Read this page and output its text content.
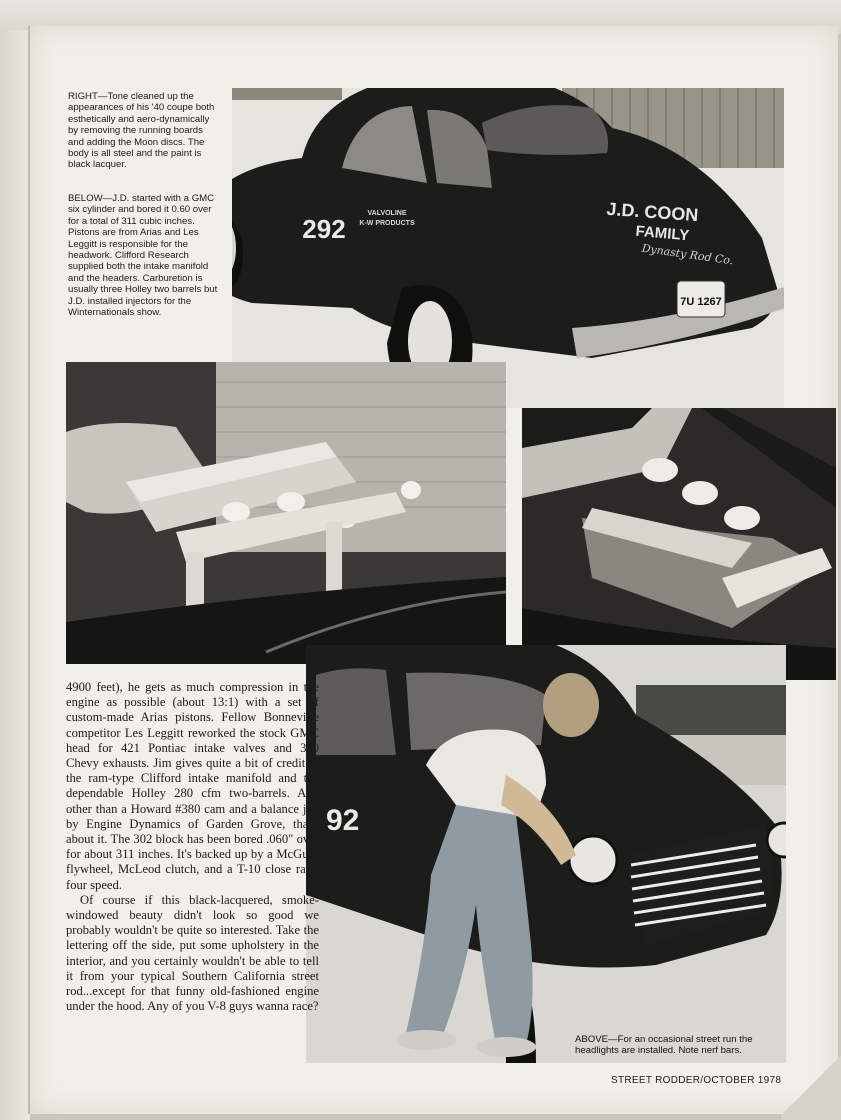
7U 1267
J.D. COON
FAMILY
Dynasty Rod Co.
292
VALVOLINE
K-W PRODUCTS

RIGHT—Tone cleaned up the appearances of his '40 coupe both esthetically and aero-dynamically by removing the running boards and adding the Moon discs. The body is all steel and the paint is black lacquer.

BELOW—J.D. started with a GMC six cylinder and bored it 0.60 over for a total of 311 cubic inches. Pistons are from Arias and Les Leggitt is responsible for the headwork. Clifford Research supplied both the intake manifold and the headers. Carburetion is usually three Holley two barrels but J.D. installed injectors for the Winternationals show.

92

ABOVE—For an occasional street run the headlights are installed. Note nerf bars.

4900 feet), he gets as much compression in the engine as possible (about 13:1) with a set of custom-made Arias pistons. Fellow Bonneville competitor Les Leggitt reworked the stock GMC head for 421 Pontiac intake valves and 350 Chevy exhausts. Jim gives quite a bit of credit to the ram-type Clifford intake manifold and the dependable Holley 280 cfm two-barrels. And other than a Howard #380 cam and a balance job by Engine Dynamics of Garden Grove, that's about it. The 302 block has been bored .060" over for about 311 inches. It's backed up by a McGurk flywheel, McLeod clutch, and a T-10 close ratio four speed.

Of course if this black-lacquered, smoke-windowed beauty didn't look so good we probably wouldn't be quite so interested. Take the lettering off the side, put some upholstery in the interior, and you certainly wouldn't be able to tell it from your typical Southern California street rod...except for that funny old-fashioned engine under the hood. Any of you V-8 guys wanna race?

STREET RODDER/OCTOBER 1978
